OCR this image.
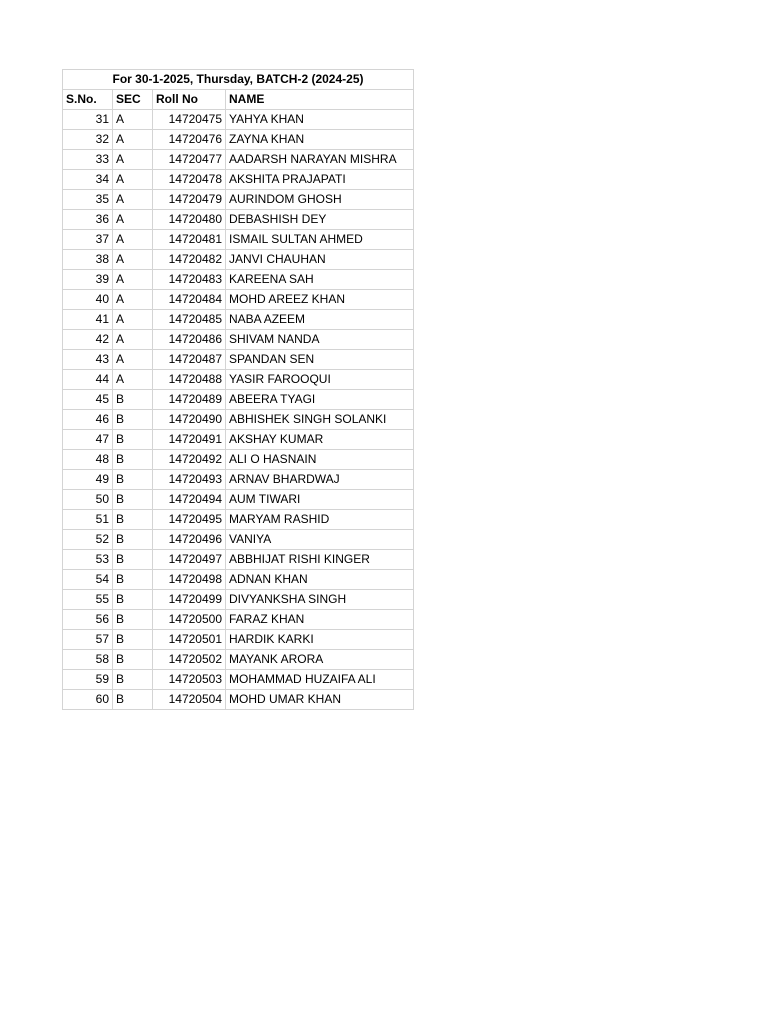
For 30-1-2025, Thursday, BATCH-2 (2024-25)			
S.No.	SEC	Roll No	NAME
31	A	14720475	YAHYA KHAN
32	A	14720476	ZAYNA KHAN
33	A	14720477	AADARSH NARAYAN MISHRA
34	A	14720478	AKSHITA PRAJAPATI
35	A	14720479	AURINDOM GHOSH
36	A	14720480	DEBASHISH DEY
37	A	14720481	ISMAIL SULTAN AHMED
38	A	14720482	JANVI CHAUHAN
39	A	14720483	KAREENA SAH
40	A	14720484	MOHD AREEZ KHAN
41	A	14720485	NABA AZEEM
42	A	14720486	SHIVAM NANDA
43	A	14720487	SPANDAN SEN
44	A	14720488	YASIR FAROOQUI
45	B	14720489	ABEERA TYAGI
46	B	14720490	ABHISHEK SINGH SOLANKI
47	B	14720491	AKSHAY KUMAR
48	B	14720492	ALI O HASNAIN
49	B	14720493	ARNAV BHARDWAJ
50	B	14720494	AUM TIWARI
51	B	14720495	MARYAM RASHID
52	B	14720496	VANIYA
53	B	14720497	ABBHIJAT RISHI KINGER
54	B	14720498	ADNAN KHAN
55	B	14720499	DIVYANKSHA SINGH
56	B	14720500	FARAZ KHAN
57	B	14720501	HARDIK KARKI
58	B	14720502	MAYANK ARORA
59	B	14720503	MOHAMMAD HUZAIFA ALI
60	B	14720504	MOHD UMAR KHAN
